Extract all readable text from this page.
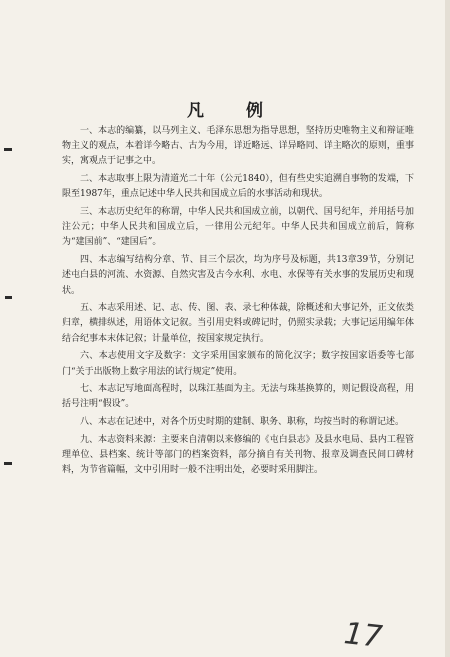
凡 例

一、本志的编纂，以马列主义、毛泽东思想为指导思想，坚持历史唯物主义和辩证唯物主义的观点，本着详今略古、古为今用，详近略远、详异略同、详主略次的原则，重事实，寓观点于记事之中。

二、本志取事上限为清道光二十年（公元1840），但有些史实追溯自事物的发端，下限至1987年，重点记述中华人民共和国成立后的水事活动和现状。

三、本志历史纪年的称谓，中华人民共和国成立前，以朝代、国号纪年，并用括号加注公元；中华人民共和国成立后，一律用公元纪年。中华人民共和国成立前后，简称为“建国前”、“建国后”。

四、本志编写结构分章、节、目三个层次，均为序号及标题，共13章39节，分别记述屯白县的河流、水资源、自然灾害及古今水利、水电、水保等有关水事的发展历史和现状。

五、本志采用述、记、志、传、图、表、录七种体裁，除概述和大事记外，正文依类归章，横排纵述，用语体文记叙。当引用史料或碑记时，仍照实录载；大事记运用编年体结合纪事本末体记叙；计量单位，按国家规定执行。

六、本志使用文字及数字：文字采用国家颁布的简化汉字；数字按国家语委等七部门“关于出版物上数字用法的试行规定”使用。

七、本志记写地面高程时，以珠江基面为主。无法与珠基换算的，则记假设高程，用括号注明“假设”。

八、本志在记述中，对各个历史时期的建制、职务、职称，均按当时的称谓记述。

九、本志资料来源：主要来自清朝以来修编的《屯白县志》及县水电局、县内工程管理单位、县档案、统计等部门的档案资料，部分摘自有关刊物、报章及调查民间口碑材料，为节省篇幅，文中引用时一般不注明出处，必要时采用脚注。

17
